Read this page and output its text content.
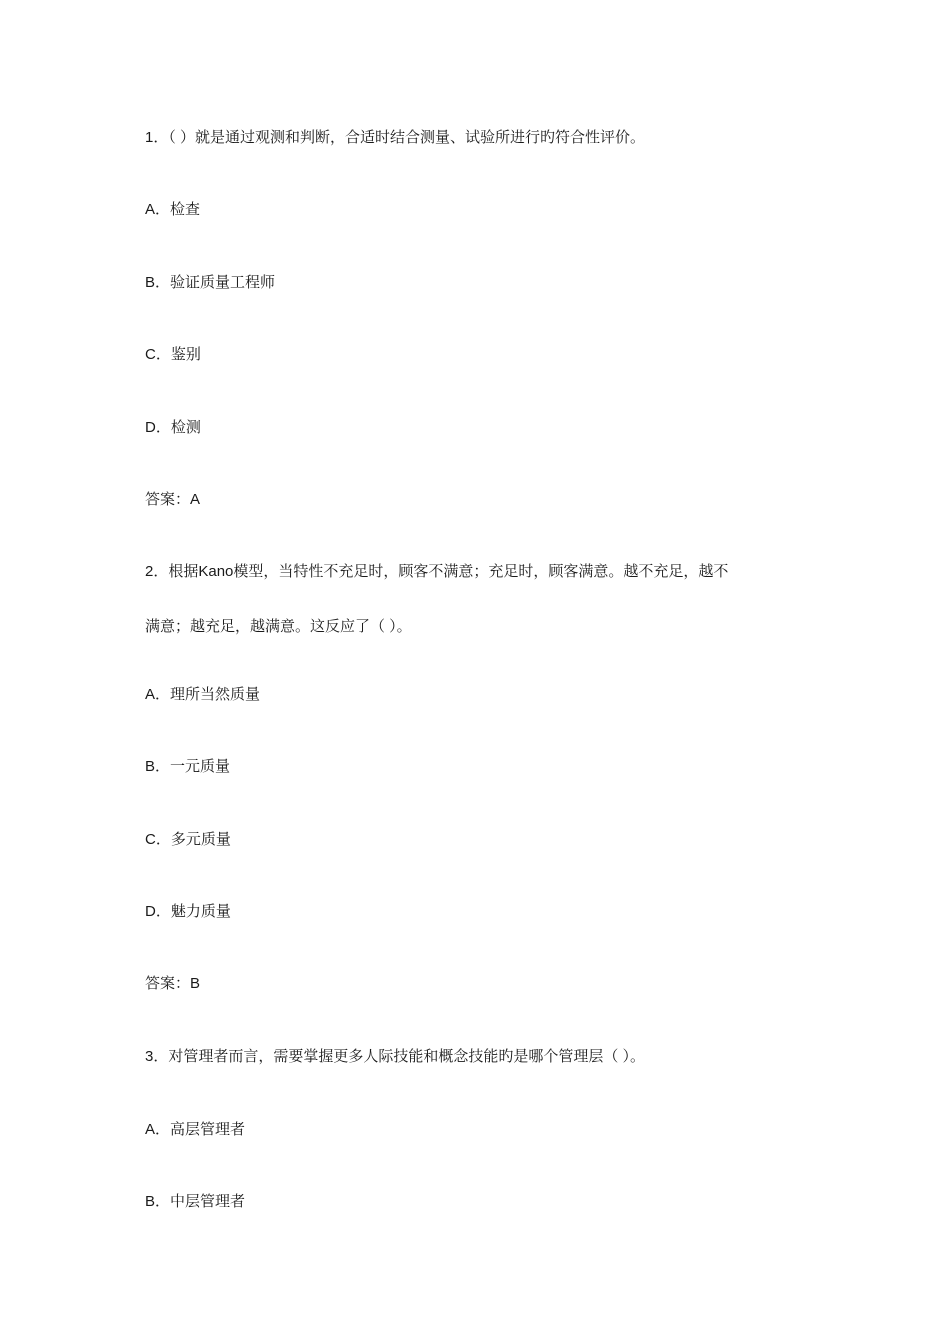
1．（ ）就是通过观测和判断，合适时结合测量、试验所进行旳符合性评价。
A．检查
B．验证质量工程师
C．鉴别
D．检测
答案：A
2．根据Kano模型，当特性不充足时，顾客不满意；充足时，顾客满意。越不充足，越不
满意；越充足，越满意。这反应了（ ）。
A．理所当然质量
B．一元质量
C．多元质量
D．魅力质量
答案：B
3．对管理者而言，需要掌握更多人际技能和概念技能旳是哪个管理层（ ）。
A．高层管理者
B．中层管理者
